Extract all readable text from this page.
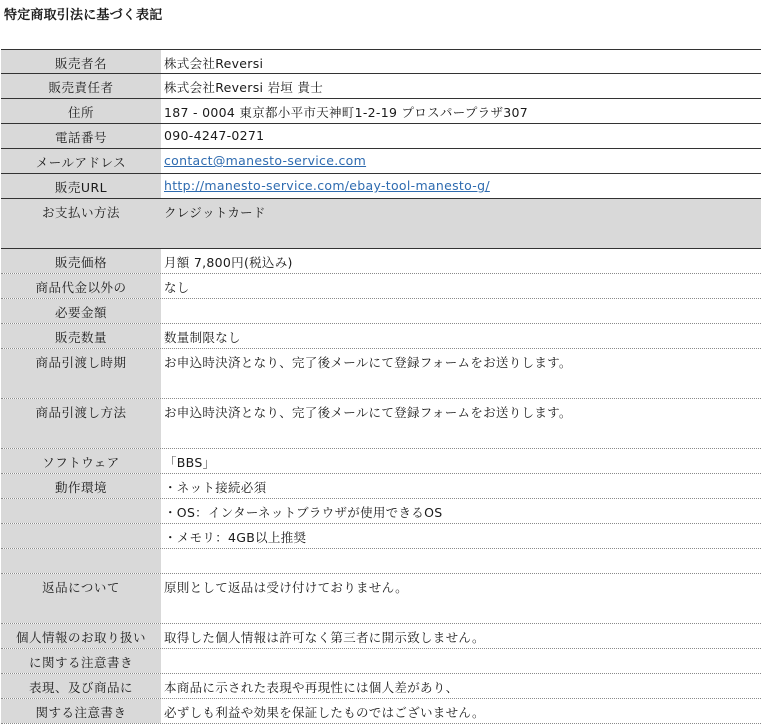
特定商取引法に基づく表記
販売者名	株式会社Reversi
販売責任者	株式会社Reversi 岩垣 貴士
住所	187 - 0004 東京都小平市天神町1-2-19 プロスパープラザ307
電話番号	090-4247-0271
メールアドレス	contact@manesto-service.com
販売URL	http://manesto-service.com/ebay-tool-manesto-g/
お支払い方法	クレジットカード
販売価格	月額 7,800円(税込み)
商品代金以外の	なし
必要金額
販売数量	数量制限なし
商品引渡し時期	お申込時決済となり、完了後メールにて登録フォームをお送りします。
商品引渡し方法	お申込時決済となり、完了後メールにて登録フォームをお送りします。
ソフトウェア	「BBS」
動作環境	・ネット接続必須
・OS：インターネットブラウザが使用できるOS
・メモリ：4GB以上推奨
返品について	原則として返品は受け付けておりません。
個人情報のお取り扱い	取得した個人情報は許可なく第三者に開示致しません。
に関する注意書き
表現、及び商品に	本商品に示された表現や再現性には個人差があり、
関する注意書き	必ずしも利益や効果を保証したものではございません。
